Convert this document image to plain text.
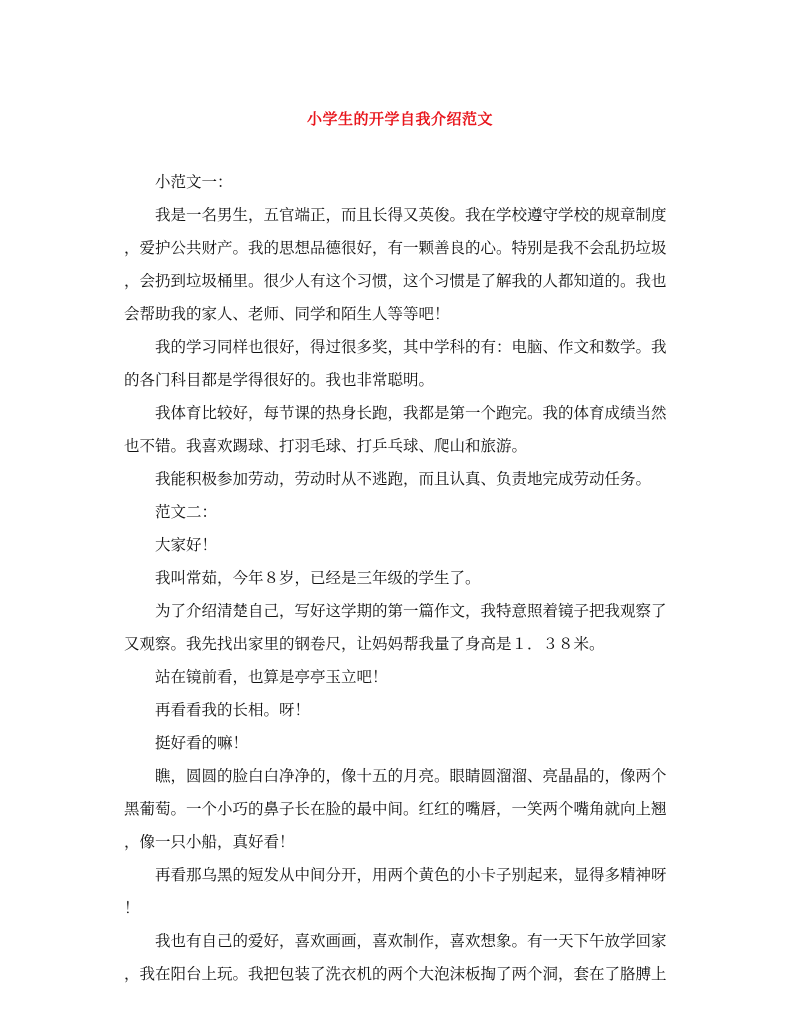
小学生的开学自我介绍范文
小范文一：
我是一名男生，五官端正，而且长得又英俊。我在学校遵守学校的规章制度
，爱护公共财产。我的思想品德很好，有一颗善良的心。特别是我不会乱扔垃圾
，会扔到垃圾桶里。很少人有这个习惯，这个习惯是了解我的人都知道的。我也
会帮助我的家人、老师、同学和陌生人等等吧！
我的学习同样也很好，得过很多奖，其中学科的有：电脑、作文和数学。我
的各门科目都是学得很好的。我也非常聪明。
我体育比较好，每节课的热身长跑，我都是第一个跑完。我的体育成绩当然
也不错。我喜欢踢球、打羽毛球、打乒乓球、爬山和旅游。
我能积极参加劳动，劳动时从不逃跑，而且认真、负责地完成劳动任务。
范文二：
大家好！
我叫常茹，今年８岁，已经是三年级的学生了。
为了介绍清楚自己，写好这学期的第一篇作文，我特意照着镜子把我观察了
又观察。我先找出家里的钢卷尺，让妈妈帮我量了身高是１．３８米。
站在镜前看，也算是亭亭玉立吧！
再看看我的长相。呀！
挺好看的嘛！
瞧，圆圆的脸白白净净的，像十五的月亮。眼睛圆溜溜、亮晶晶的，像两个
黑葡萄。一个小巧的鼻子长在脸的最中间。红红的嘴唇，一笑两个嘴角就向上翘
，像一只小船，真好看！
再看那乌黑的短发从中间分开，用两个黄色的小卡子别起来，显得多精神呀
！
我也有自己的爱好，喜欢画画，喜欢制作，喜欢想象。有一天下午放学回家
，我在阳台上玩。我把包装了洗衣机的两个大泡沫板掏了两个洞，套在了胳膊上
